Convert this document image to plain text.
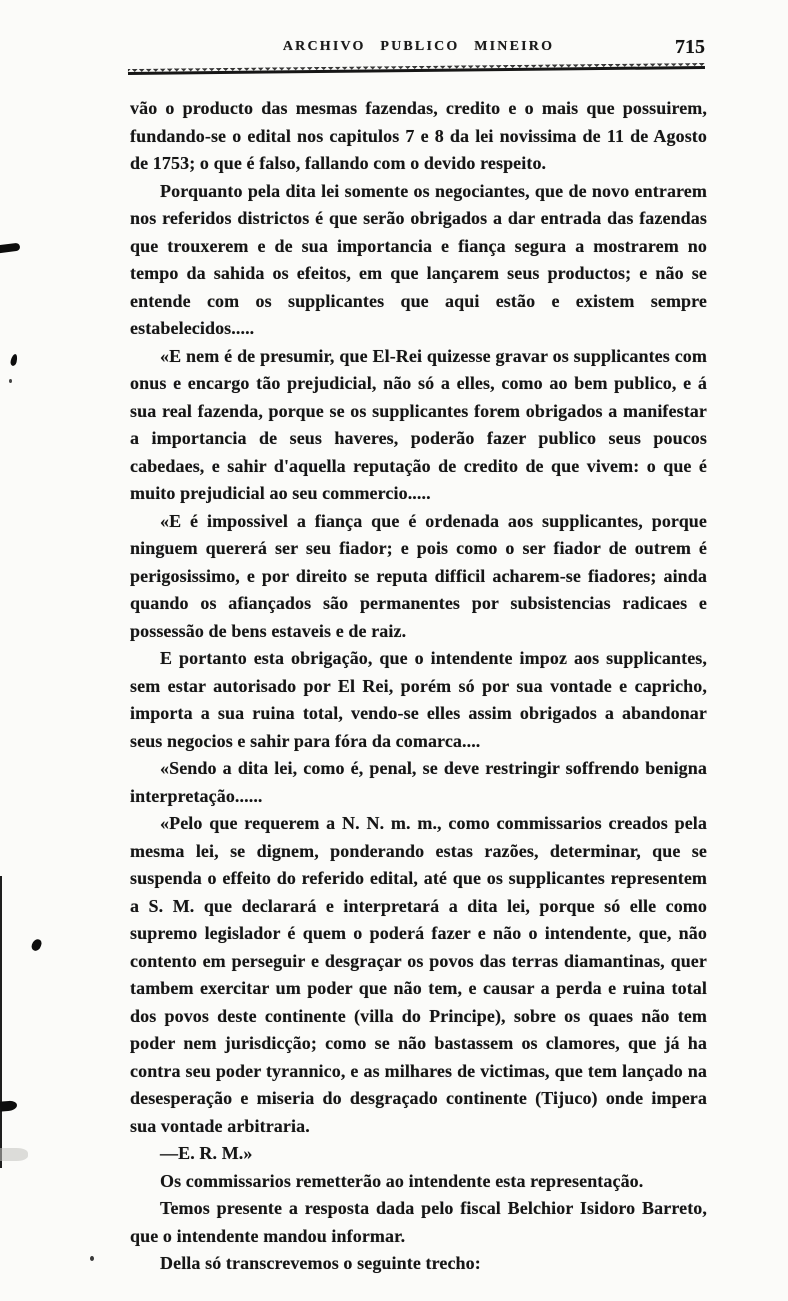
ARCHIVO PUBLICO MINEIRO	715

vão o producto das mesmas fazendas, credito e o mais que possuirem, fundando-se o edital nos capitulos 7 e 8 da lei novissima de 11 de Agosto de 1753; o que é falso, fallando com o devido respeito.

Porquanto pela dita lei somente os negociantes, que de novo entrarem nos referidos districtos é que serão obrigados a dar entrada das fazendas que trouxerem e de sua importancia e fiança segura a mostrarem no tempo da sahida os efeitos, em que lançarem seus productos; e não se entende com os supplicantes que aqui estão e existem sempre estabelecidos.....

«E nem é de presumir, que El-Rei quizesse gravar os supplicantes com onus e encargo tão prejudicial, não só a elles, como ao bem publico, e á sua real fazenda, porque se os supplicantes forem obrigados a manifestar a importancia de seus haveres, poderão fazer publico seus poucos cabedaes, e sahir d'aquella reputação de credito de que vivem: o que é muito prejudicial ao seu commercio.....

«E é impossivel a fiança que é ordenada aos supplicantes, porque ninguem quererá ser seu fiador; e pois como o ser fiador de outrem é perigosissimo, e por direito se reputa difficil acharem-se fiadores; ainda quando os afiançados são permanentes por subsistencias radicaes e possessão de bens estaveis e de raiz.

E portanto esta obrigação, que o intendente impoz aos supplicantes, sem estar autorisado por El Rei, porém só por sua vontade e capricho, importa a sua ruina total, vendo-se elles assim obrigados a abandonar seus negocios e sahir para fóra da comarca....

«Sendo a dita lei, como é, penal, se deve restringir soffrendo benigna interpretação......

«Pelo que requerem a N. N. m. m., como commissarios creados pela mesma lei, se dignem, ponderando estas razões, determinar, que se suspenda o effeito do referido edital, até que os supplicantes representem a S. M. que declarará e interpretará a dita lei, porque só elle como supremo legislador é quem o poderá fazer e não o intendente, que, não contento em perseguir e desgraçar os povos das terras diamantinas, quer tambem exercitar um poder que não tem, e causar a perda e ruina total dos povos deste continente (villa do Principe), sobre os quaes não tem poder nem jurisdicção; como se não bastassem os clamores, que já ha contra seu poder tyrannico, e as milhares de victimas, que tem lançado na desesperação e miseria do desgraçado continente (Tijuco) onde impera sua vontade arbitraria.

—E. R. M.»

Os commissarios remetterão ao intendente esta representação.

Temos presente a resposta dada pelo fiscal Belchior Isidoro Barreto, que o intendente mandou informar.

Della só transcrevemos o seguinte trecho:
